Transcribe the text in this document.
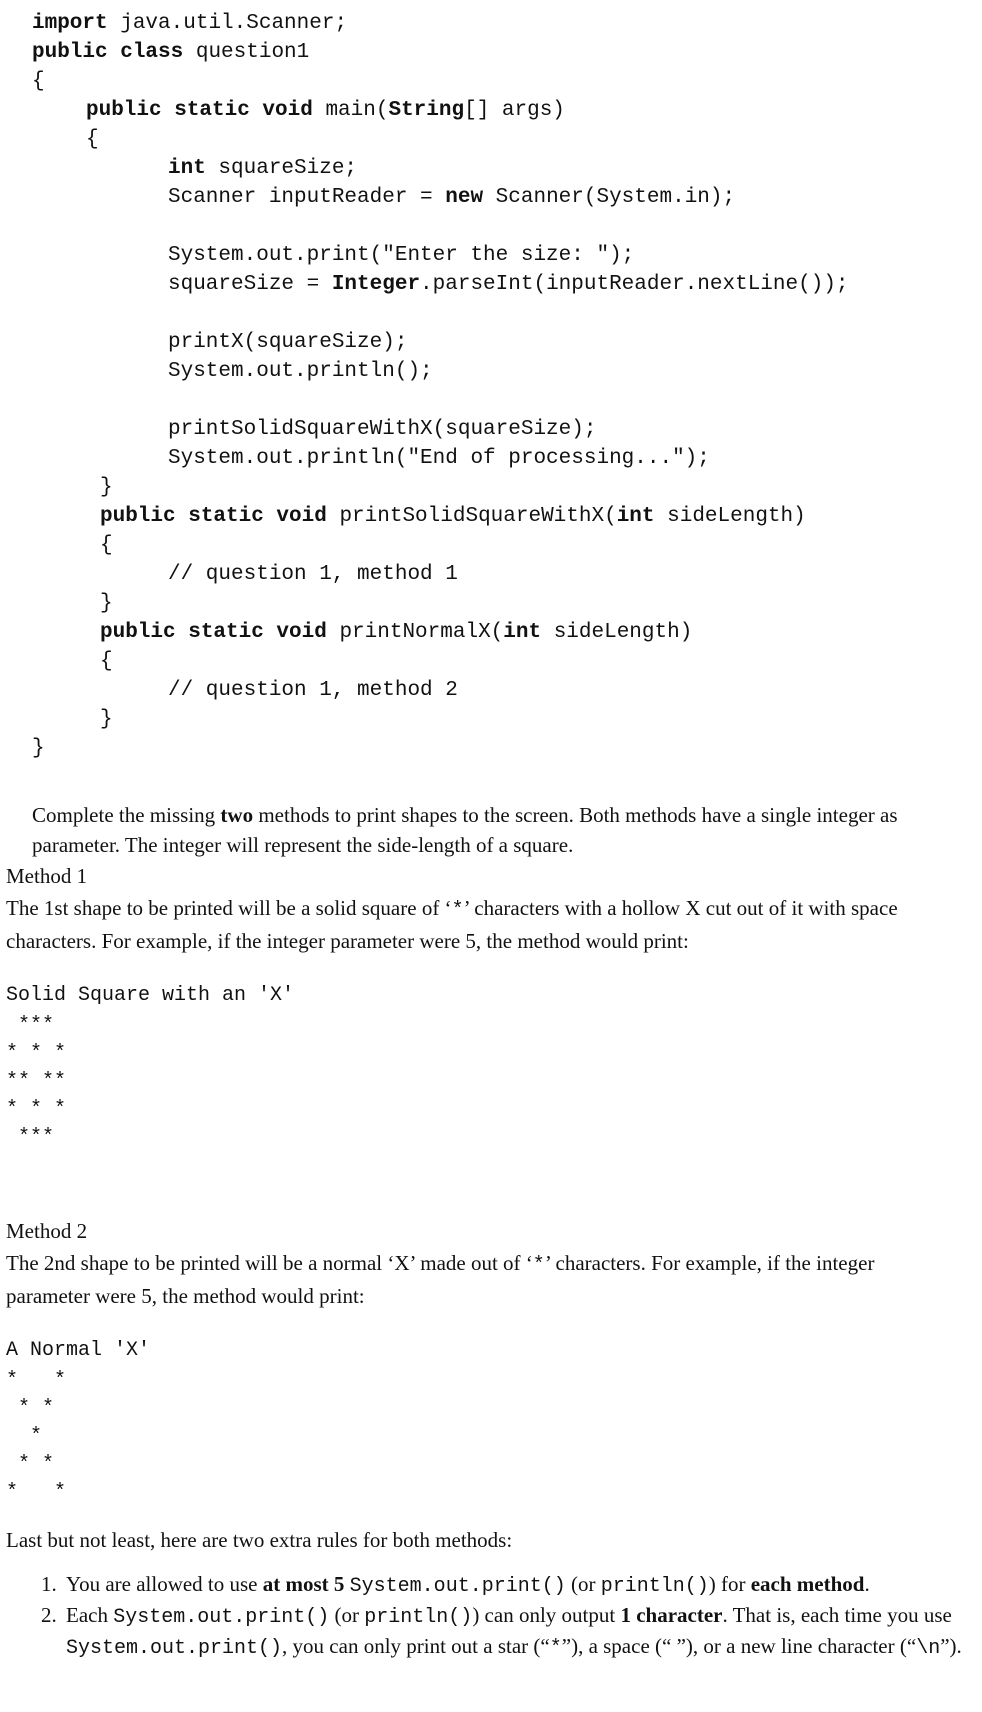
import java.util.Scanner;
public class question1
{
public static void main(String[] args)
{
int squareSize;
Scanner inputReader = new Scanner(System.in);
System.out.print("Enter the size: ");
squareSize = Integer.parseInt(inputReader.nextLine());
printX(squareSize);
System.out.println();
printSolidSquareWithX(squareSize);
System.out.println("End of processing...");
}
public static void printSolidSquareWithX(int sideLength)
{
// question 1, method 1
}
public static void printNormalX(int sideLength)
{
// question 1, method 2
}
}
Complete the missing two methods to print shapes to the screen. Both methods have a single integer as parameter. The integer will represent the side-length of a square.
Method 1
The 1st shape to be printed will be a solid square of ‘*’ characters with a hollow X cut out of it with space characters. For example, if the integer parameter were 5, the method would print:
Solid Square with an 'X'
***
* * *
** **
* * *
***
Method 2
The 2nd shape to be printed will be a normal ‘X’ made out of ‘*’ characters. For example, if the integer parameter were 5, the method would print:
A Normal 'X'
*   *
* *
*
* *
*   *
Last but not least, here are two extra rules for both methods:
1. You are allowed to use at most 5 System.out.print() (or println()) for each method.
2. Each System.out.print() (or println()) can only output 1 character. That is, each time you use System.out.print(), you can only print out a star (“*”), a space (“ ”), or a new line character (“\n”).
